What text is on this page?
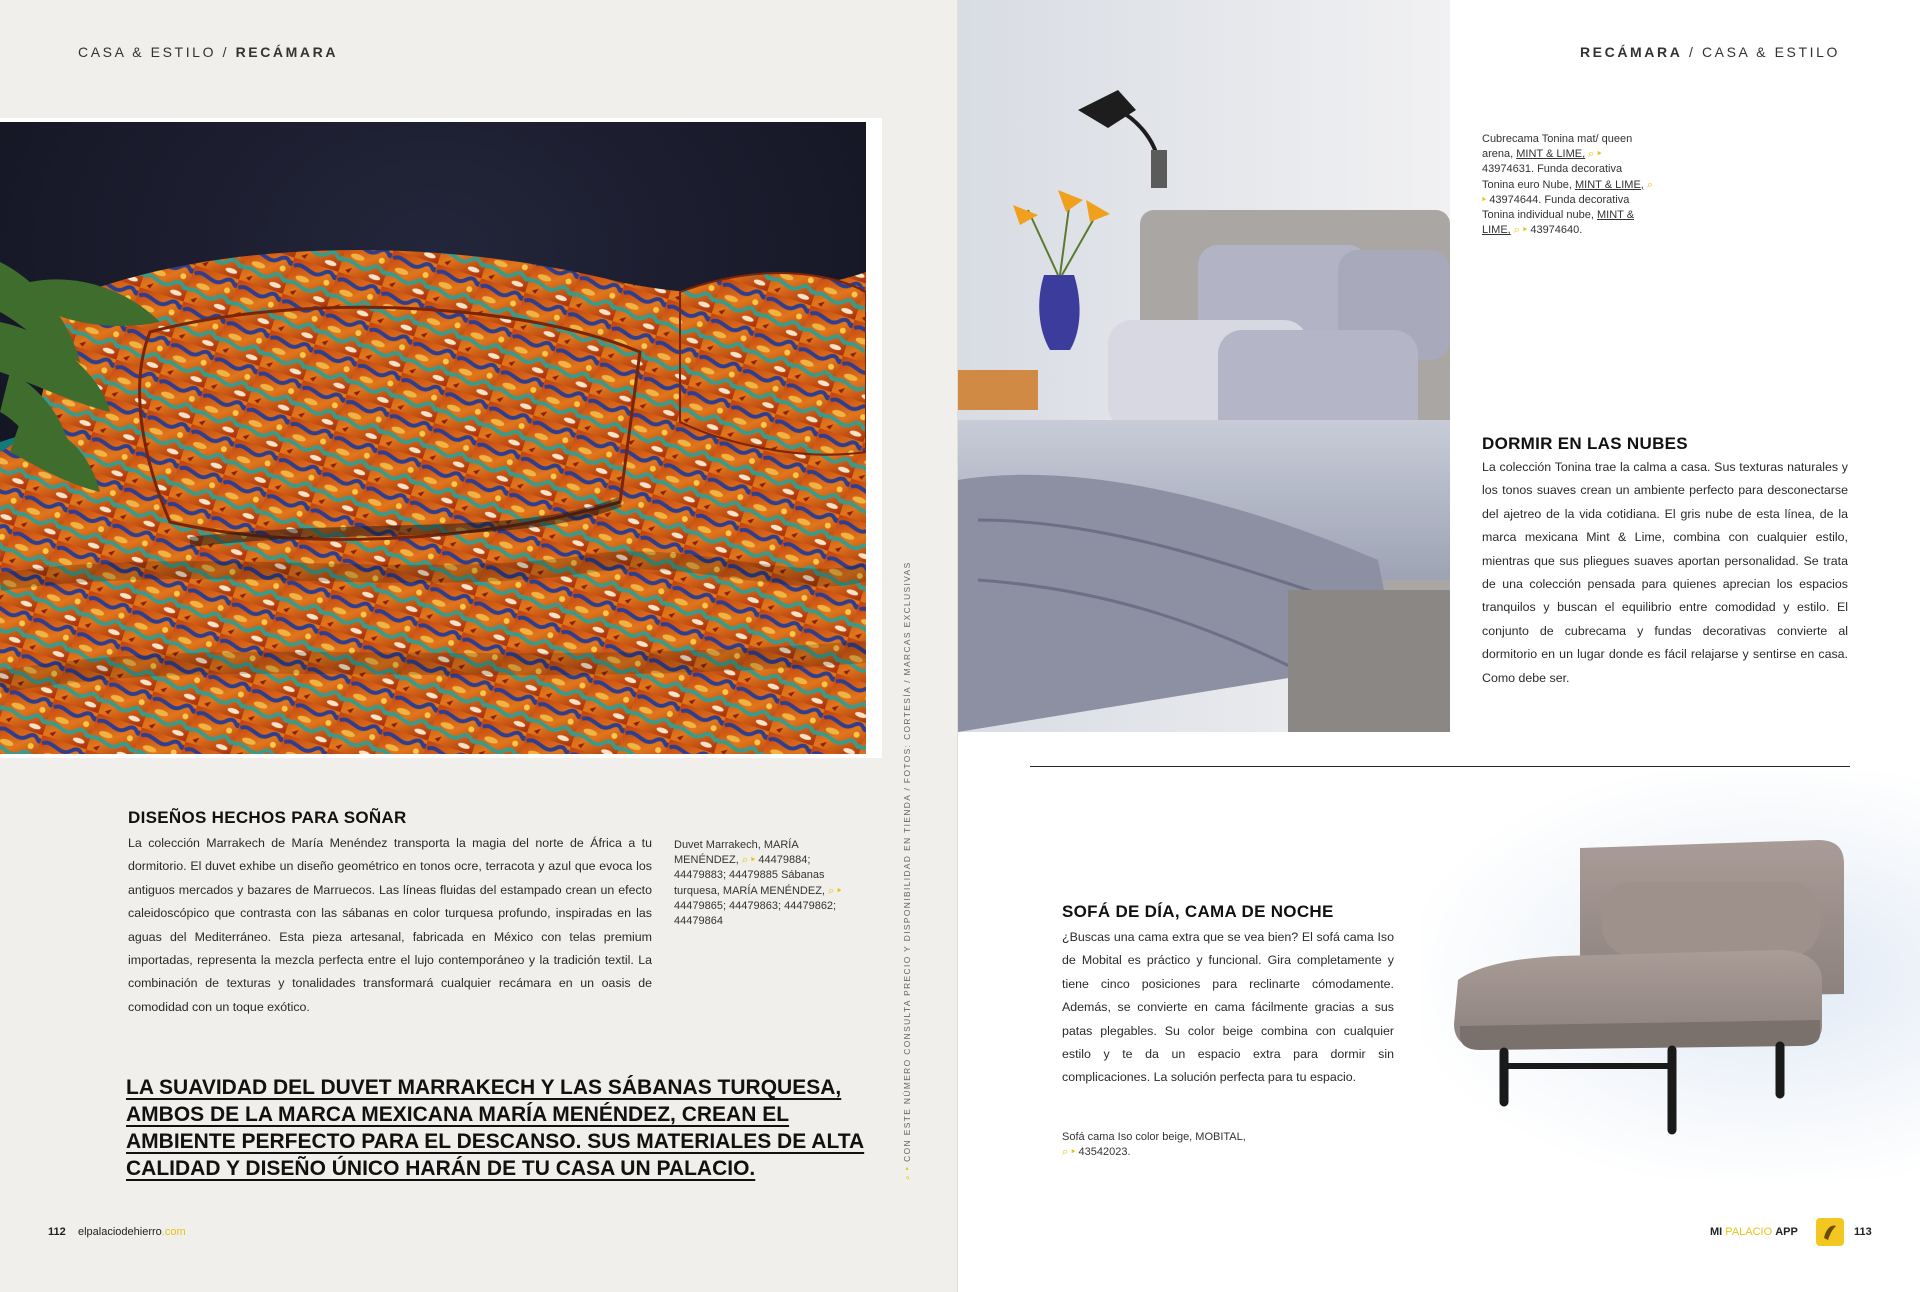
CASA & ESTILO / RECÁMARA
DISEÑOS HECHOS PARA SOÑAR
La colección Marrakech de María Menéndez transporta la magia del norte de África a tu dormitorio. El duvet exhibe un diseño geométrico en tonos ocre, terracota y azul que evoca los antiguos mercados y bazares de Marruecos. Las líneas fluidas del estampado crean un efecto caleidoscópico que contrasta con las sábanas en color turquesa profundo, inspiradas en las aguas del Mediterráneo. Esta pieza artesanal, fabricada en México con telas premium importadas, representa la mezcla perfecta entre el lujo contemporáneo y la tradición textil. La combinación de texturas y tonalidades transformará cualquier recámara en un oasis de comodidad con un toque exótico.
Duvet Marrakech, MARÍA MENÉNDEZ, ⌕ ▸ 44479884; 44479883; 44479885 Sábanas turquesa, MARÍA MENÉNDEZ, ⌕ ▸ 44479865; 44479863; 44479862; 44479864
LA SUAVIDAD DEL DUVET MARRAKECH Y LAS SÁBANAS TURQUESA, AMBOS DE LA MARCA MEXICANA MARÍA MENÉNDEZ, CREAN EL AMBIENTE PERFECTO PARA EL DESCANSO. SUS MATERIALES DE ALTA CALIDAD Y DISEÑO ÚNICO HARÁN DE TU CASA UN PALACIO.	⌕ ▸ CON ESTE NÚMERO CONSULTA PRECIO Y DISPONIBILIDAD EN TIENDA / FOTOS: CORTESÍA / MARCAS EXCLUSIVAS
112 elpalaciodehierro.com
RECÁMARA / CASA & ESTILO
Cubrecama Tonina mat/ queen arena, MINT & LIME, ⌕ ▸ 43974631. Funda decorativa Tonina euro Nube, MINT & LIME, ⌕ ▸ 43974644. Funda decorativa Tonina individual nube, MINT & LIME, ⌕ ▸ 43974640.
DORMIR EN LAS NUBES
La colección Tonina trae la calma a casa. Sus texturas naturales y los tonos suaves crean un ambiente perfecto para desconectarse del ajetreo de la vida cotidiana. El gris nube de esta línea, de la marca mexicana Mint & Lime, combina con cualquier estilo, mientras que sus pliegues suaves aportan personalidad. Se trata de una colección pensada para quienes aprecian los espacios tranquilos y buscan el equilibrio entre comodidad y estilo. El conjunto de cubrecama y fundas decorativas convierte al dormitorio en un lugar donde es fácil relajarse y sentirse en casa. Como debe ser.
SOFÁ DE DÍA, CAMA DE NOCHE
¿Buscas una cama extra que se vea bien? El sofá cama Iso de Mobital es práctico y funcional. Gira completamente y tiene cinco posiciones para reclinarte cómodamente. Además, se convierte en cama fácilmente gracias a sus patas plegables. Su color beige combina con cualquier estilo y te da un espacio extra para dormir sin complicaciones. La solución perfecta para tu espacio.
Sofá cama Iso color beige, MOBITAL,
⌕ ▸ 43542023.
MI PALACIO APP	113
